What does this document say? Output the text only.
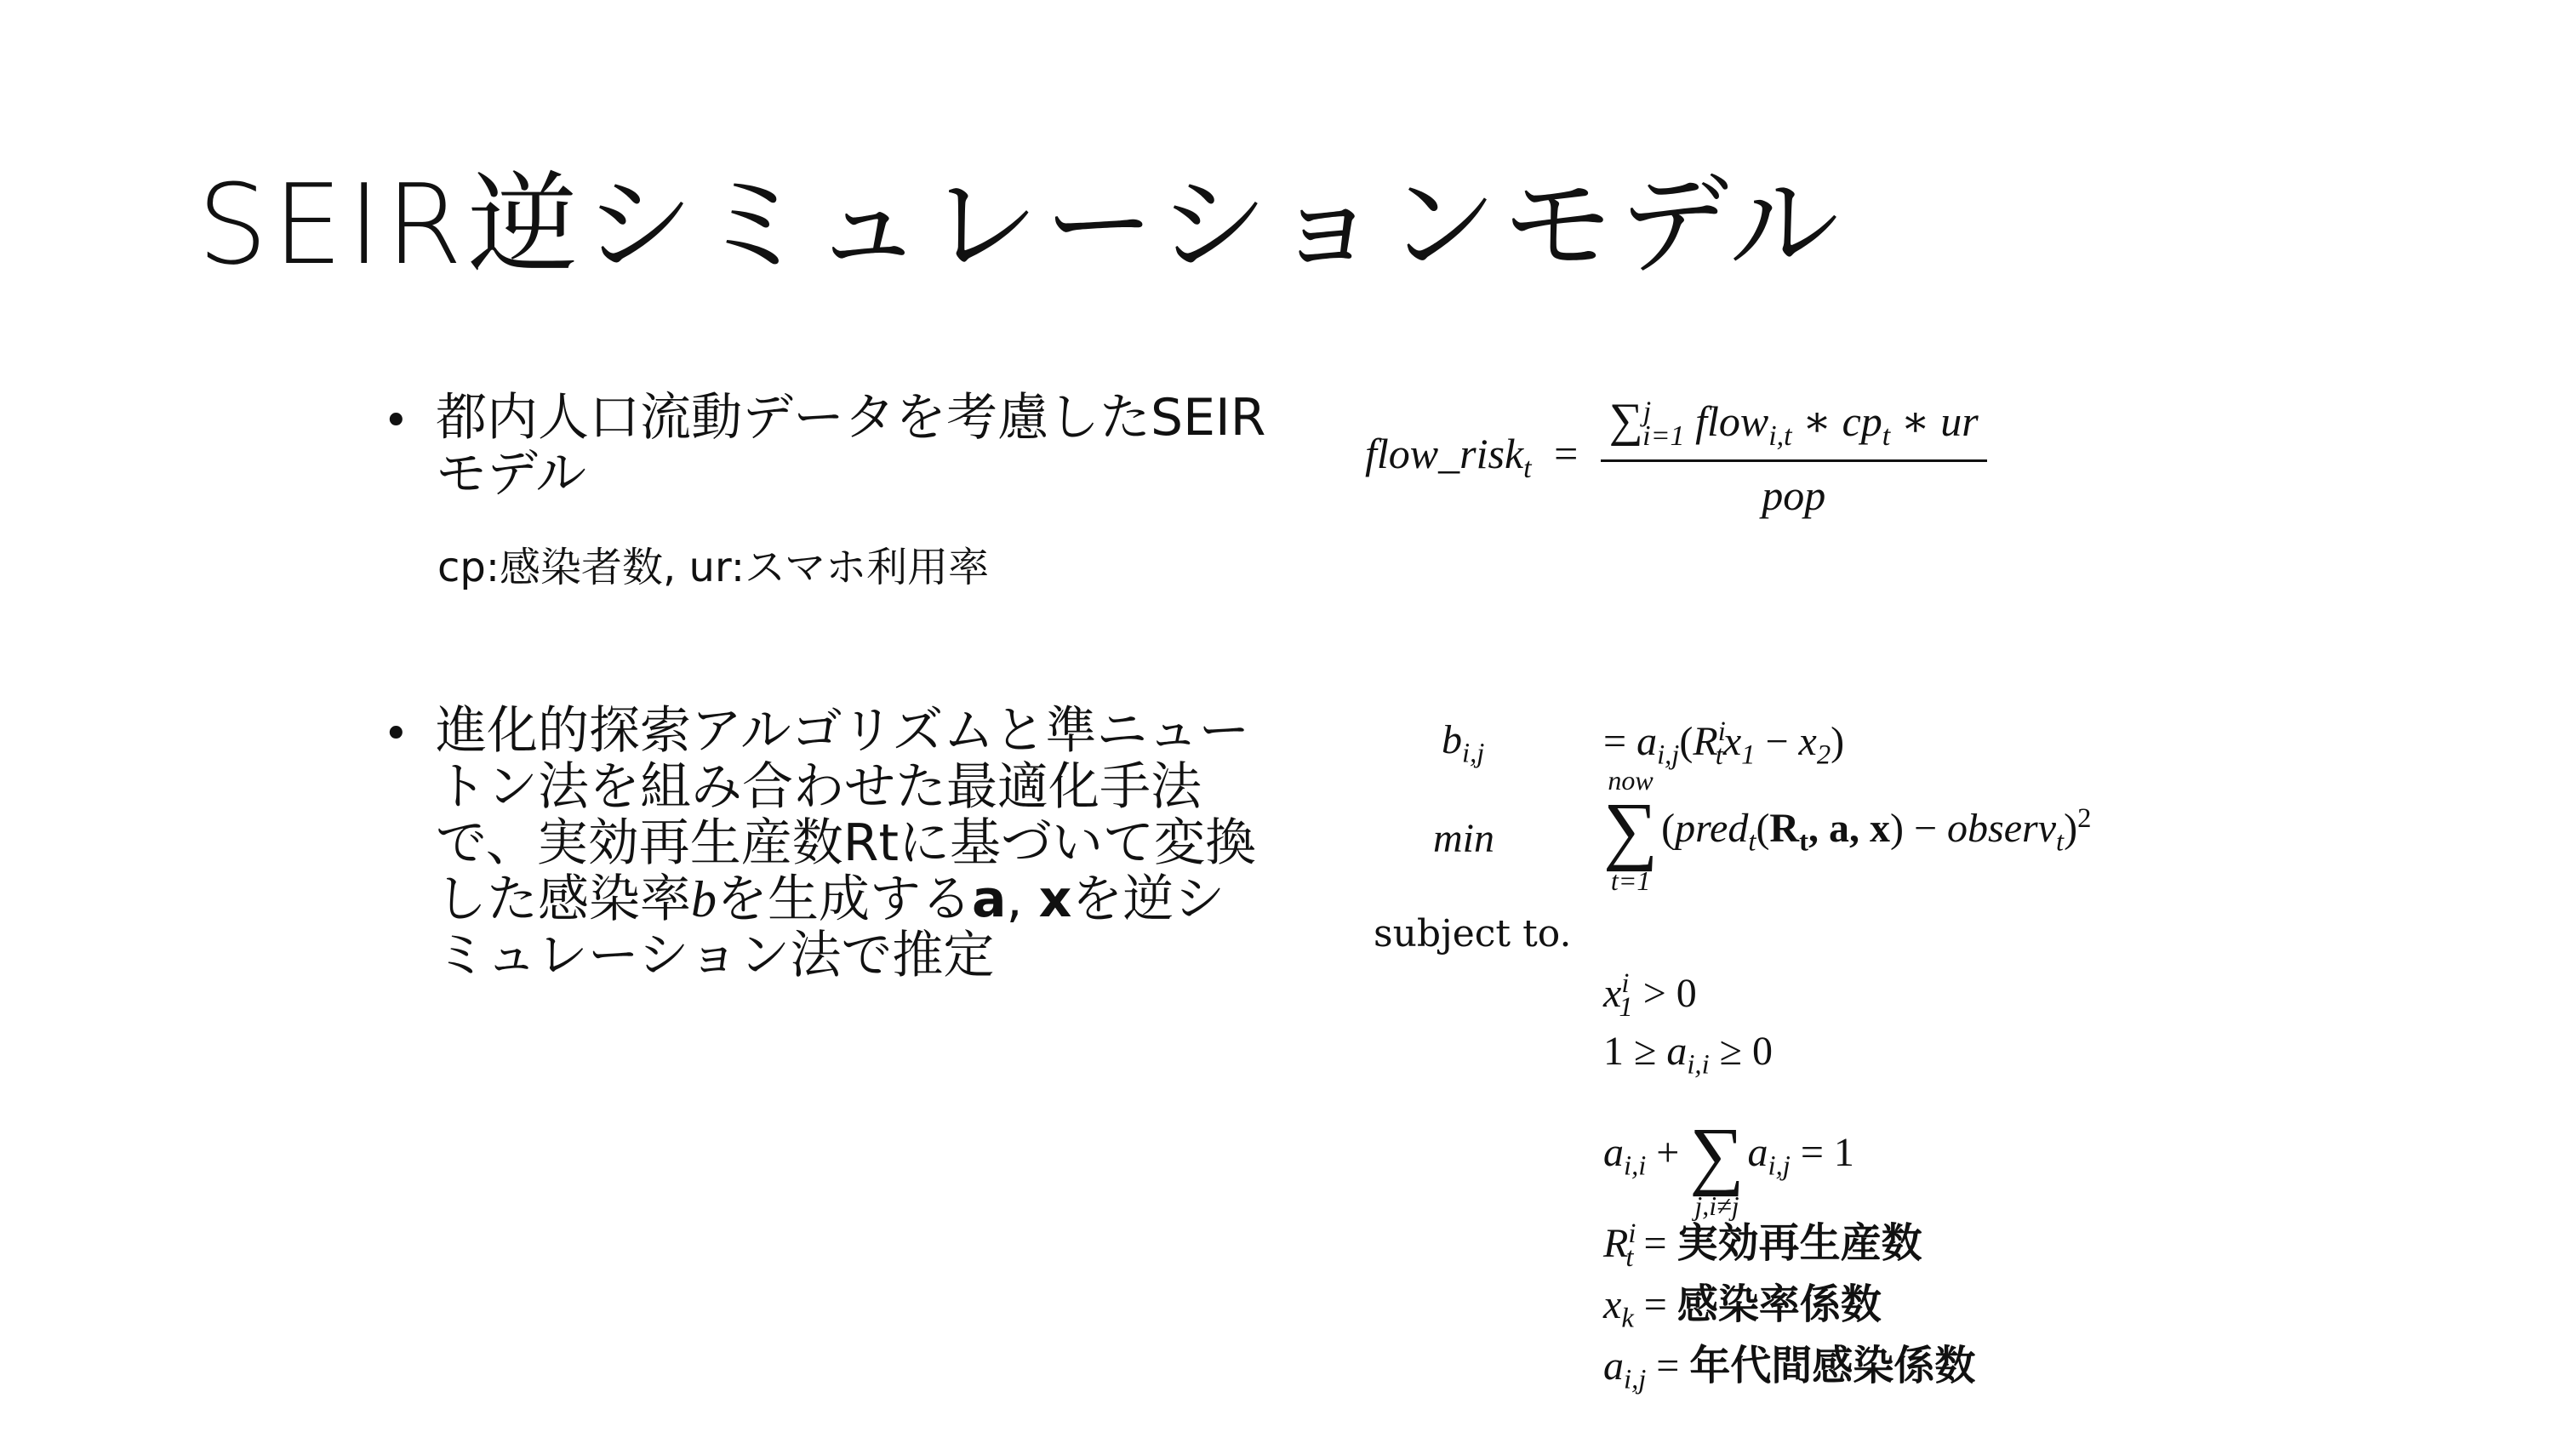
SEIR逆シミュレーションモデル
• 都内人口流動データを考慮したSEIR
モデル
cp:感染者数, ur:スマホ利用率
• 進化的探索アルゴリズムと準ニュー
トン法を組み合わせた最適化手法
で、実効再生産数Rtに基づいて変換
した感染率bを生成するa, xを逆シ
ミュレーション法で推定
flow_risk$_t$ = $\frac{\sum^j_{i=1} flow_{i,t} ∗ cp_t ∗ ur}{\text{pop}}$
$b_{i,j}$	= $a_{i,j}(R^i_tx_1 - x_2)$
min
now
∑
t=1
($pred_t(R_t$, a, x) − observ$_t$)$^2$
subject to.
$x^i_1 > 0$
$1 \ge a_{i,i} \ge 0$
$a_{i,i}$ +
∑
j,i≠j
$a_{i,j} = 1$
$R^i_t$ = 実効再生産数
$x_k$ = 感染率係数
$a_{i,j}$ = 年代間感染係数
